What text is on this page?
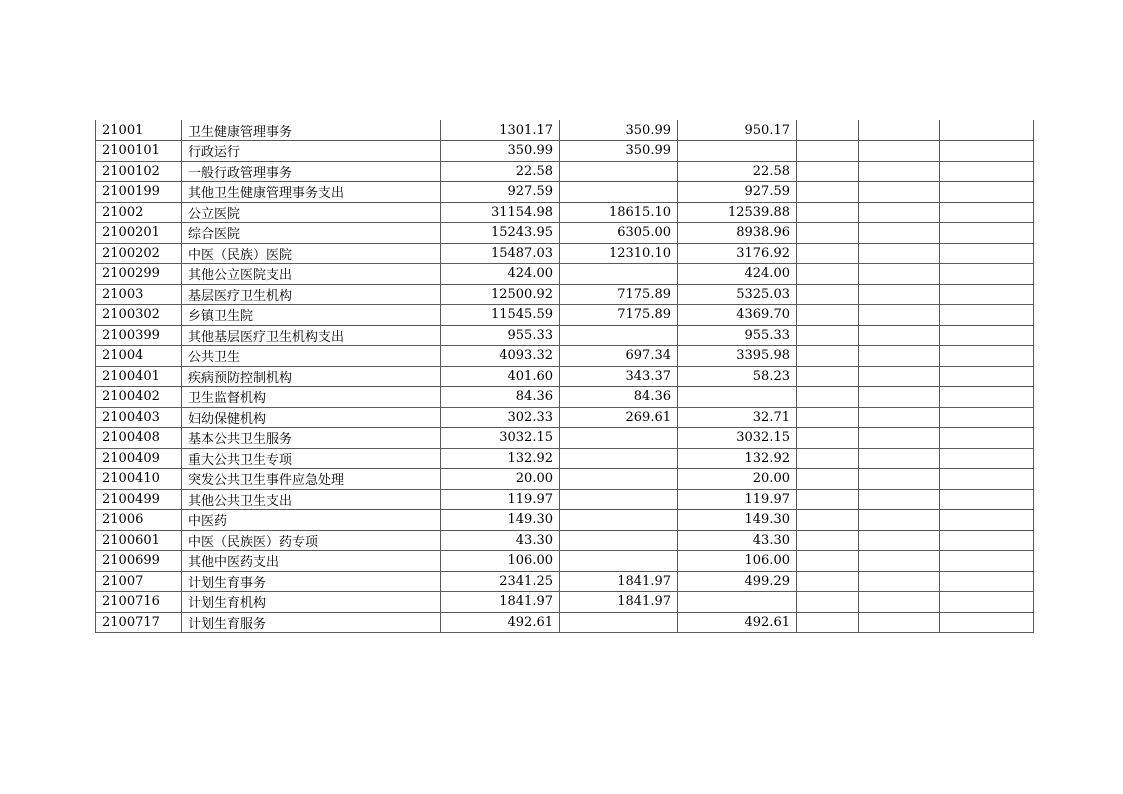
21001	卫生健康管理事务	1301.17	350.99	950.17			
2100101	行政运行	350.99	350.99				
2100102	一般行政管理事务	22.58		22.58			
2100199	其他卫生健康管理事务支出	927.59		927.59			
21002	公立医院	31154.98	18615.10	12539.88			
2100201	综合医院	15243.95	6305.00	8938.96			
2100202	中医（民族）医院	15487.03	12310.10	3176.92			
2100299	其他公立医院支出	424.00		424.00			
21003	基层医疗卫生机构	12500.92	7175.89	5325.03			
2100302	乡镇卫生院	11545.59	7175.89	4369.70			
2100399	其他基层医疗卫生机构支出	955.33		955.33			
21004	公共卫生	4093.32	697.34	3395.98			
2100401	疾病预防控制机构	401.60	343.37	58.23			
2100402	卫生监督机构	84.36	84.36				
2100403	妇幼保健机构	302.33	269.61	32.71			
2100408	基本公共卫生服务	3032.15		3032.15			
2100409	重大公共卫生专项	132.92		132.92			
2100410	突发公共卫生事件应急处理	20.00		20.00			
2100499	其他公共卫生支出	119.97		119.97			
21006	中医药	149.30		149.30			
2100601	中医（民族医）药专项	43.30		43.30			
2100699	其他中医药支出	106.00		106.00			
21007	计划生育事务	2341.25	1841.97	499.29			
2100716	计划生育机构	1841.97	1841.97				
2100717	计划生育服务	492.61		492.61			
